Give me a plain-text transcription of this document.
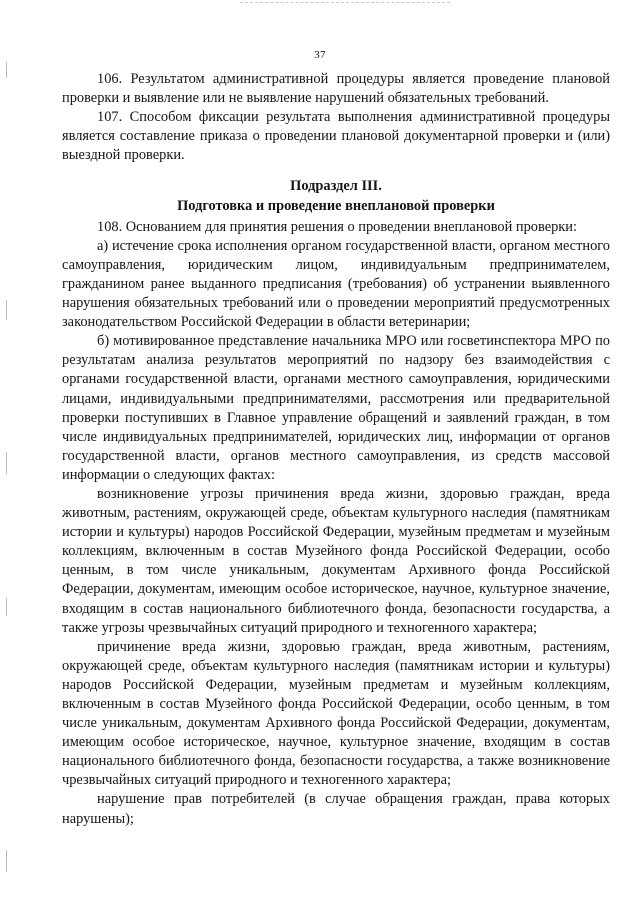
37

106. Результатом административной процедуры является проведение плановой проверки и выявление или не выявление нарушений обязательных требований.

107. Способом фиксации результата выполнения административной процедуры является составление приказа о проведении плановой документарной проверки и (или) выездной проверки.

Подраздел III.

Подготовка и проведение внеплановой проверки

108. Основанием для принятия решения о проведении внеплановой проверки:

а) истечение срока исполнения органом государственной власти, органом местного самоуправления, юридическим лицом, индивидуальным предпринимателем, гражданином ранее выданного предписания (требования) об устранении выявленного нарушения обязательных требований или о проведении мероприятий предусмотренных законодательством Российской Федерации в области ветеринарии;

б) мотивированное представление начальника МРО или госветинспектора МРО по результатам анализа результатов мероприятий по надзору без взаимодействия с органами государственной власти, органами местного самоуправления, юридическими лицами, индивидуальными предпринимателями, рассмотрения или предварительной проверки поступивших в Главное управление обращений и заявлений граждан, в том числе индивидуальных предпринимателей, юридических лиц, информации от органов государственной власти, органов местного самоуправления, из средств массовой информации о следующих фактах:

возникновение угрозы причинения вреда жизни, здоровью граждан, вреда животным, растениям, окружающей среде, объектам культурного наследия (памятникам истории и культуры) народов Российской Федерации, музейным предметам и музейным коллекциям, включенным в состав Музейного фонда Российской Федерации, особо ценным, в том числе уникальным, документам Архивного фонда Российской Федерации, документам, имеющим особое историческое, научное, культурное значение, входящим в состав национального библиотечного фонда, безопасности государства, а также угрозы чрезвычайных ситуаций природного и техногенного характера;

причинение вреда жизни, здоровью граждан, вреда животным, растениям, окружающей среде, объектам культурного наследия (памятникам истории и культуры) народов Российской Федерации, музейным предметам и музейным коллекциям, включенным в состав Музейного фонда Российской Федерации, особо ценным, в том числе уникальным, документам Архивного фонда Российской Федерации, документам, имеющим особое историческое, научное, культурное значение, входящим в состав национального библиотечного фонда, безопасности государства, а также возникновение чрезвычайных ситуаций природного и техногенного характера;

нарушение прав потребителей (в случае обращения граждан, права которых нарушены);
